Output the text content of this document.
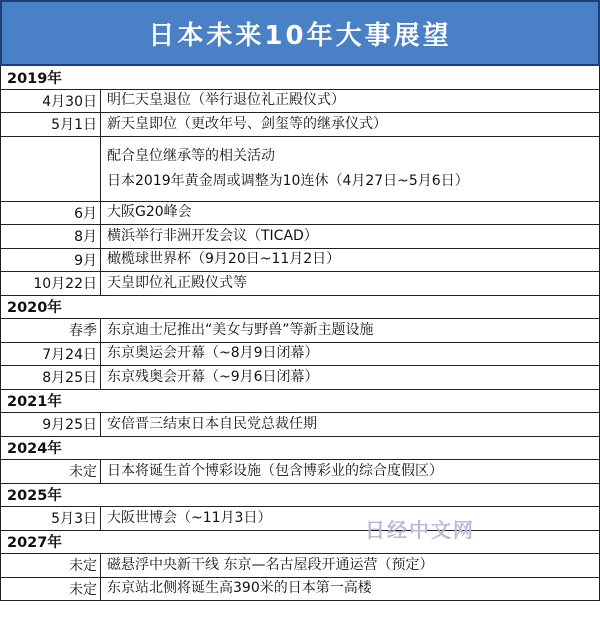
日本未来10年大事展望
2019年
4月30日 明仁天皇退位（举行退位礼正殿仪式）
5月1日 新天皇即位（更改年号、剑玺等的继承仪式）
配合皇位继承等的相关活动
日本2019年黄金周或调整为10连休（4月27日~5月6日）
6月 大阪G20峰会
8月 横浜举行非洲开发会议（TICAD）
9月 橄榄球世界杯（9月20日~11月2日）
10月22日 天皇即位礼正殿仪式等
2020年
春季 东京迪士尼推出“美女与野兽”等新主题设施
7月24日 东京奥运会开幕（~8月9日闭幕）
8月25日 东京残奥会开幕（~9月6日闭幕）
2021年
9月25日 安倍晋三结束日本自民党总裁任期
2024年
未定 日本将诞生首个博彩设施（包含博彩业的综合度假区）
2025年
5月3日 大阪世博会（~11月3日）
2027年
未定 磁悬浮中央新干线 东京—名古屋段开通运营（预定）
未定 东京站北侧将诞生高390米的日本第一高楼
日经中文网
